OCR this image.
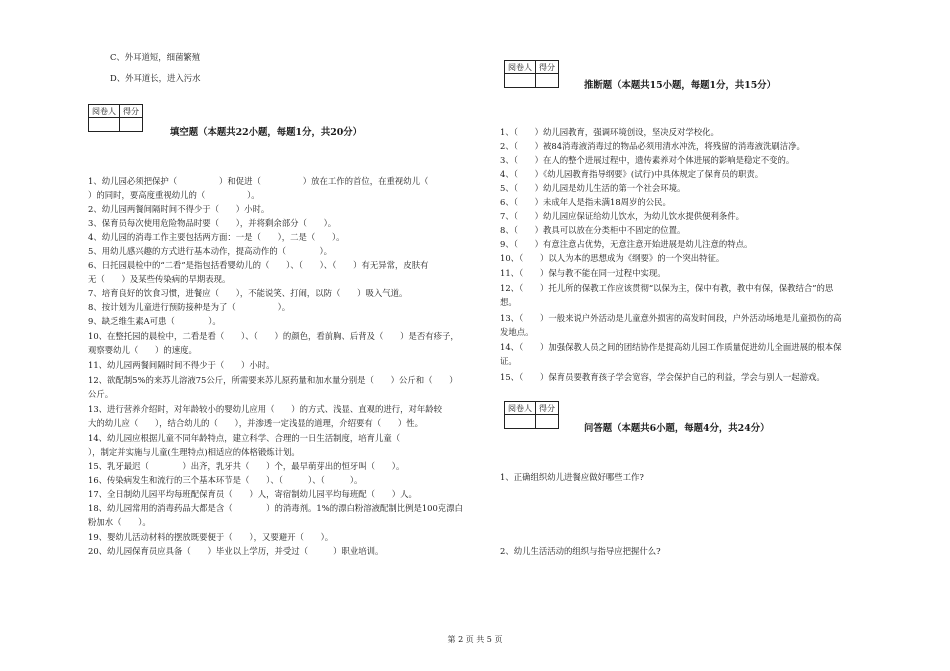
C、外耳道短，细菌繁殖
D、外耳道长，进入污水
阅卷人	得分

填空题（本题共22小题，每题1分，共20分）
1、幼儿园必须把保护（　　　　　）和促进（　　　　　）放在工作的首位，在重视幼儿（
）的同时，要高度重视幼儿的（　　　　　）。
2、幼儿园两餐间隔时间不得少于（　　）小时。
3、保育员每次使用危险物品时要（　　），并将剩余部分（　　）。
4、幼儿园的消毒工作主要包括两方面：一是（　　），二是（　　）。
5、用幼儿感兴趣的方式进行基本动作，提高动作的（　　　　）。
6、日托园晨检中的“二看”是指包括看婴幼儿的（　　）、（　　）、（　　）有无异常，皮肤有
无（　　）及某些传染病的早期表现。
7、培育良好的饮食习惯，进餐应（　　），不能说笑、打闹，以防（　　）吸入气道。
8、按计划为儿童进行预防接种是为了（　　　　　）。
9、缺乏维生素A可患（　　　　）。
10、在整托园的晨检中，二看是看（　　）、（　　）的颜色，看前胸、后背及（　　）是否有疹子，
观察婴幼儿（　　）的速度。
11、幼儿园两餐间隔时间不得少于（　　）小时。
12、欲配制5%的来苏儿溶液75公斤，所需要来苏儿原药量和加水量分别是（　　）公斤和（　　）
公斤。
13、进行营养介绍时，对年龄较小的婴幼儿应用（　　）的方式、浅显、直观的进行，对年龄较
大的幼儿应（　　），结合幼儿的（　　），并渗透一定浅显的道理，介绍要有（　　）性。
14、幼儿园应根据儿童不同年龄特点，建立科学、合理的一日生活制度，培育儿童（　　　　　
），制定并实施与儿童(生理特点)相适应的体格锻炼计划。
15、乳牙最迟（　　　　）出齐，乳牙共（　　）个，最早萌芽出的恒牙叫（　　）。
16、传染病发生和流行的三个基本环节是（　　）、（　　　）、（　　　）。
17、全日制幼儿园平均每班配保育员（　　）人，寄宿制幼儿园平均每班配（　　）人。
18、幼儿园常用的消毒药品大都是含（　　　　）的消毒剂。1%的漂白粉溶液配制比例是100克漂白
粉加水（　　）。
19、婴幼儿活动材料的摆放既要便于（　　），又要避开（　　）。
20、幼儿园保育员应具备（　　）毕业以上学历，并受过（　　　）职业培训。
阅卷人	得分

推断题（本题共15小题，每题1分，共15分）
1、（　　）幼儿园教育，强调环境创设，坚决反对学校化。
2、（　　）被84消毒液消毒过的物品必须用清水冲洗，将残留的消毒液洗刷洁净。
3、（　　）在人的整个进展过程中，遗传素养对个体进展的影响是稳定不变的。
4、（　　）《幼儿园教育指导纲要》(试行)中具体规定了保育员的职责。
5、（　　）幼儿园是幼儿生活的第一个社会环境。
6、（　　）未成年人是指未满18周岁的公民。
7、（　　）幼儿园应保证给幼儿饮水，为幼儿饮水提供便利条件。
8、（　　）教具可以放在分类柜中不固定的位置。
9、（　　）有意注意占优势，无意注意开始进展是幼儿注意的特点。
10、（　　）以人为本的思想成为《纲要》的一个突出特征。
11、（　　）保与教不能在同一过程中实现。
12、（　　）托儿所的保教工作应该贯彻“以保为主，保中有教，教中有保，保教结合”的思
想。
13、（　　）一般来说户外活动是儿童意外损害的高发时间段，户外活动场地是儿童损伤的高
发地点。
14、（　　）加强保教人员之间的团结协作是提高幼儿园工作质量促进幼儿全面进展的根本保
证。
15、（　　）保育员要教育孩子学会宽容，学会保护自己的利益，学会与别人一起游戏。
阅卷人	得分

问答题（本题共6小题，每题4分，共24分）
1、正确组织幼儿进餐应做好哪些工作?
2、幼儿生活活动的组织与指导应把握什么?
第 2 页 共 5 页
